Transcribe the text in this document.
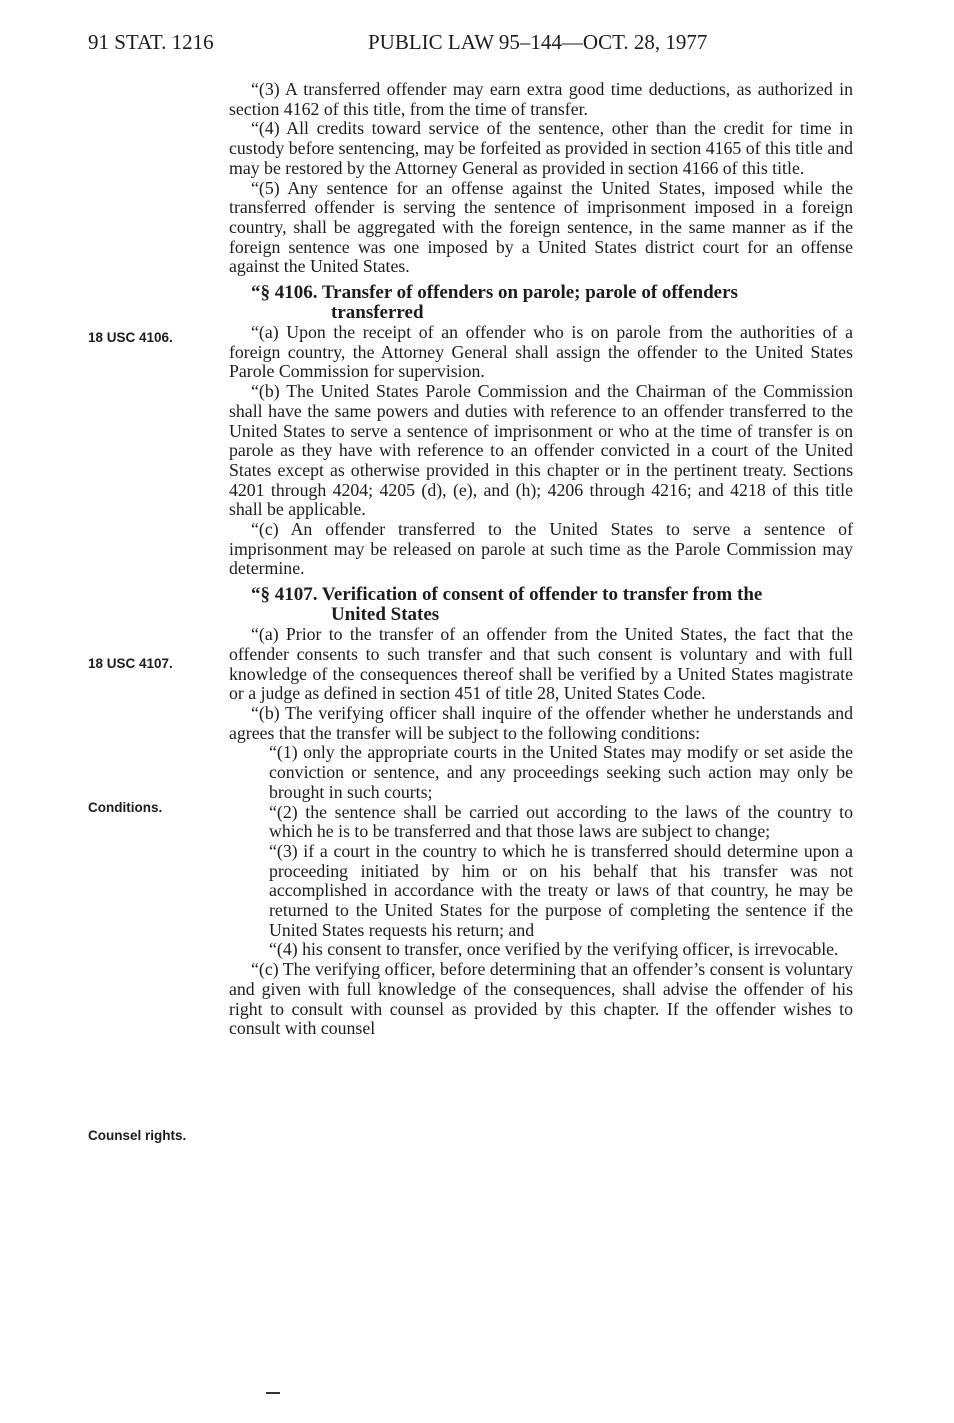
91 STAT. 1216	PUBLIC LAW 95–144—OCT. 28, 1977
18 USC 4106.
18 USC 4107.
Conditions.
Counsel rights.

“(3) A transferred offender may earn extra good time deductions, as authorized in section 4162 of this title, from the time of transfer.

“(4) All credits toward service of the sentence, other than the credit for time in custody before sentencing, may be forfeited as provided in section 4165 of this title and may be restored by the Attorney General as provided in section 4166 of this title.

“(5) Any sentence for an offense against the United States, imposed while the transferred offender is serving the sentence of imprisonment imposed in a foreign country, shall be aggregated with the foreign sentence, in the same manner as if the foreign sentence was one imposed by a United States district court for an offense against the United States.

“§ 4106. Transfer of offenders on parole; parole of offenders
transferred

“(a) Upon the receipt of an offender who is on parole from the authorities of a foreign country, the Attorney General shall assign the offender to the United States Parole Commission for supervision.

“(b) The United States Parole Commission and the Chairman of the Commission shall have the same powers and duties with reference to an offender transferred to the United States to serve a sentence of imprisonment or who at the time of transfer is on parole as they have with reference to an offender convicted in a court of the United States except as otherwise provided in this chapter or in the pertinent treaty. Sections 4201 through 4204; 4205 (d), (e), and (h); 4206 through 4216; and 4218 of this title shall be applicable.

“(c) An offender transferred to the United States to serve a sentence of imprisonment may be released on parole at such time as the Parole Commission may determine.

“§ 4107. Verification of consent of offender to transfer from the
United States

“(a) Prior to the transfer of an offender from the United States, the fact that the offender consents to such transfer and that such consent is voluntary and with full knowledge of the consequences thereof shall be verified by a United States magistrate or a judge as defined in section 451 of title 28, United States Code.

“(b) The verifying officer shall inquire of the offender whether he understands and agrees that the transfer will be subject to the following conditions:

“(1) only the appropriate courts in the United States may modify or set aside the conviction or sentence, and any proceedings seeking such action may only be brought in such courts;

“(2) the sentence shall be carried out according to the laws of the country to which he is to be transferred and that those laws are subject to change;

“(3) if a court in the country to which he is transferred should determine upon a proceeding initiated by him or on his behalf that his transfer was not accomplished in accordance with the treaty or laws of that country, he may be returned to the United States for the purpose of completing the sentence if the United States requests his return; and

“(4) his consent to transfer, once verified by the verifying officer, is irrevocable.

“(c) The verifying officer, before determining that an offender’s consent is voluntary and given with full knowledge of the consequences, shall advise the offender of his right to consult with counsel as provided by this chapter. If the offender wishes to consult with counsel
